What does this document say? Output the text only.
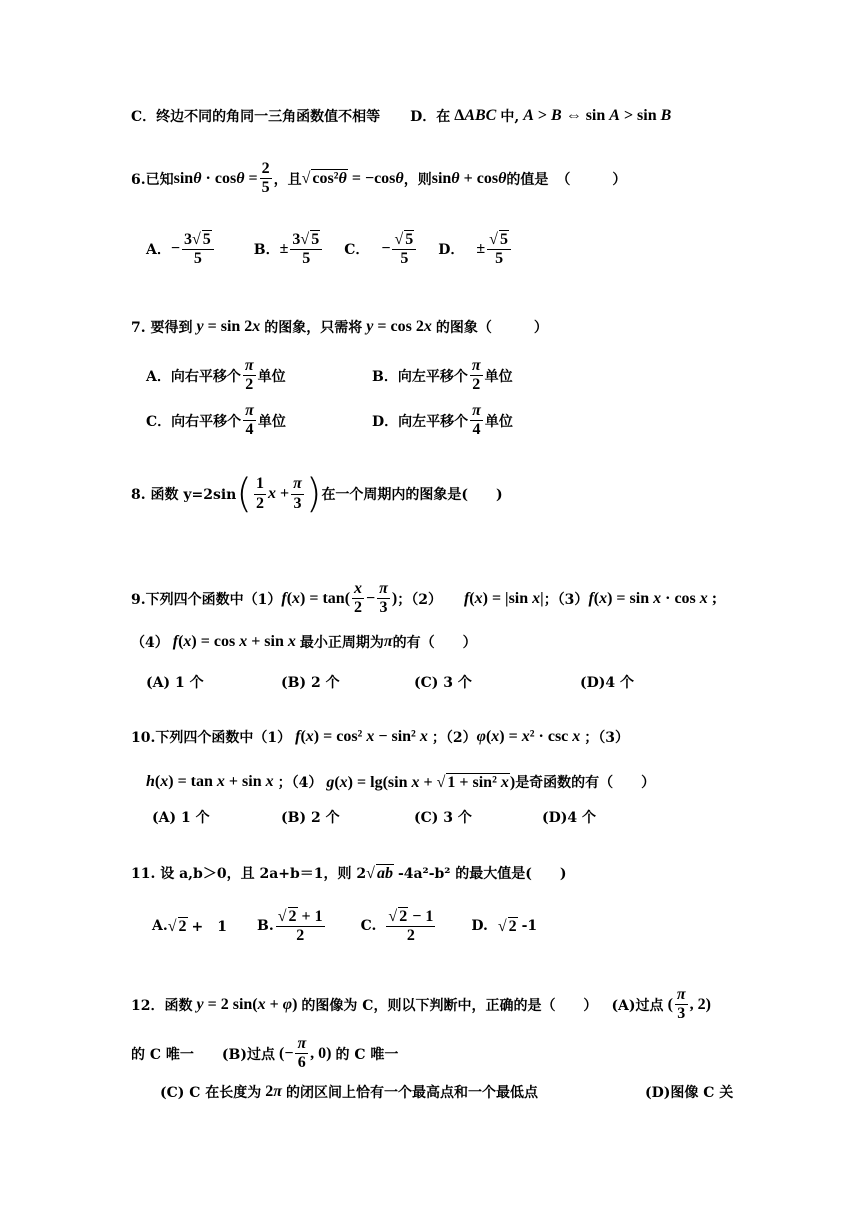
C．终边不同的角同一三角函数值不相等 D．在 ΔABC 中, A > B ⇔ sin A > sin B
6.已知 $\sin\theta \cdot \cos\theta = \frac{2}{5}$ ，且 √ cos²θ = −cosθ ，则 sinθ + cosθ 的值是 （　　　）
A． − $\frac{3√ 5}{5}$	B． ± $\frac{3√ 5}{5}$ C． − $\frac{√ 5}{5}$ D． ± $\frac{√ 5}{5}$
7. 要得到 y = sin 2x 的图象，只需将 y = cos 2x 的图象（　　　）
A．向右平移个 $\frac{\pi}{2}$ 单位	B．向左平移个 $\frac{\pi}{2}$ 单位
C．向右平移个 $\frac{\pi}{4}$ 单位	D．向左平移个 $\frac{\pi}{4}$ 单位
8. 函数 y=2sin ( $\frac{1}{2}$ $x + \frac{\pi}{3}$ ) 在一个周期内的图象是(　　)
9.下列四个函数中（1） $f(x) = \tan( \frac{x}{2} - \frac{\pi}{3}$ ) ；（2） f(x) = |sin x| ；（3） f(x) = sin x · cos x ;
（4） f(x) = cos x + sin x 最小正周期为 π 的有（　　）
(A) 1 个	(B) 2 个	(C) 3 个	(D)4 个
10.下列四个函数中（1） f(x) = cos² x − sin² x ；（2） φ(x) = x² · csc x ；（3）
h(x) = tan x + sin x ；（4） g(x) = lg(sin x + √ 1 + sin² x) 是奇函数的有（　　）
(A) 1 个	(B) 2 个	(C) 3 个	(D)4 个
11. 设 a,b＞0，且 2a+b＝1，则 2 √ ab -4a²-b² 的最大值是(　　)
A. √ 2 +　1 B. $\frac{√ 2 + 1}{2}$	C. $\frac{√ 2 - 1}{2}$	D. √ 2 -1
12．函数 y = 2 sin(x + φ) 的图像为 C，则以下判断中，正确的是（　　） (A)过点 ( $\frac{\pi}{3}$ , 2)
的 C 唯一 (B)过点 (− $\frac{\pi}{6}$ , 0) 的 C 唯一
(C) C 在长度为 2π 的闭区间上恰有一个最高点和一个最低点	(D)图像 C 关
